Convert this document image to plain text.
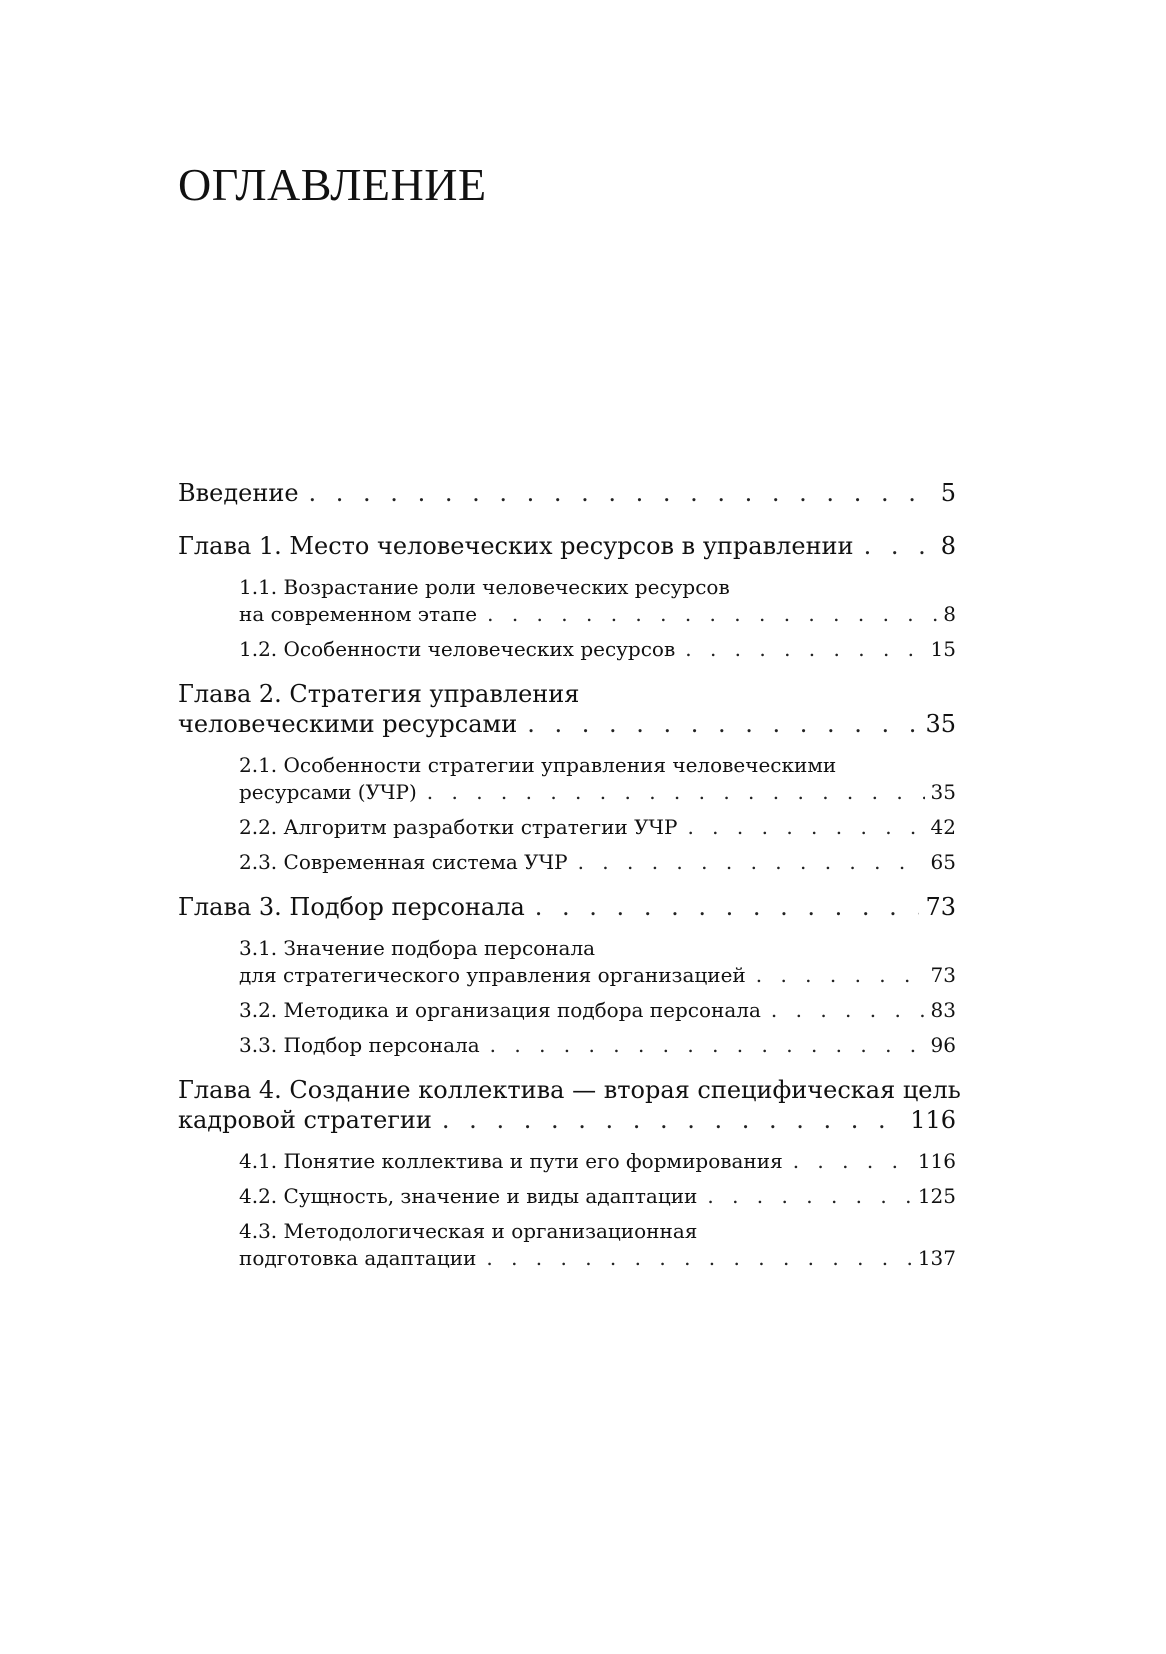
ОГЛАВЛЕНИЕ
Введение . . .	5
Глава 1. Место человеческих ресурсов в управлении . . .	8
1.1. Возрастание роли человеческих ресурсов
на современном этапе . . .	8
1.2. Особенности человеческих ресурсов . . .	15
Глава 2. Стратегия управления
человеческими ресурсами . . .	35
2.1. Особенности стратегии управления человеческими
ресурсами (УЧР) . . .	35
2.2. Алгоритм разработки стратегии УЧР . . .	42
2.3. Современная система УЧР . . .	65
Глава 3. Подбор персонала . . .	73
3.1. Значение подбора персонала
для стратегического управления организацией . . .	73
3.2. Методика и организация подбора персонала . . .	83
3.3. Подбор персонала . . .	96
Глава 4. Создание коллектива — вторая специфическая цель
кадровой стратегии . . .	116
4.1. Понятие коллектива и пути его формирования . . .	116
4.2. Сущность, значение и виды адаптации . . .	125
4.3. Методологическая и организационная
подготовка адаптации . . .	137
